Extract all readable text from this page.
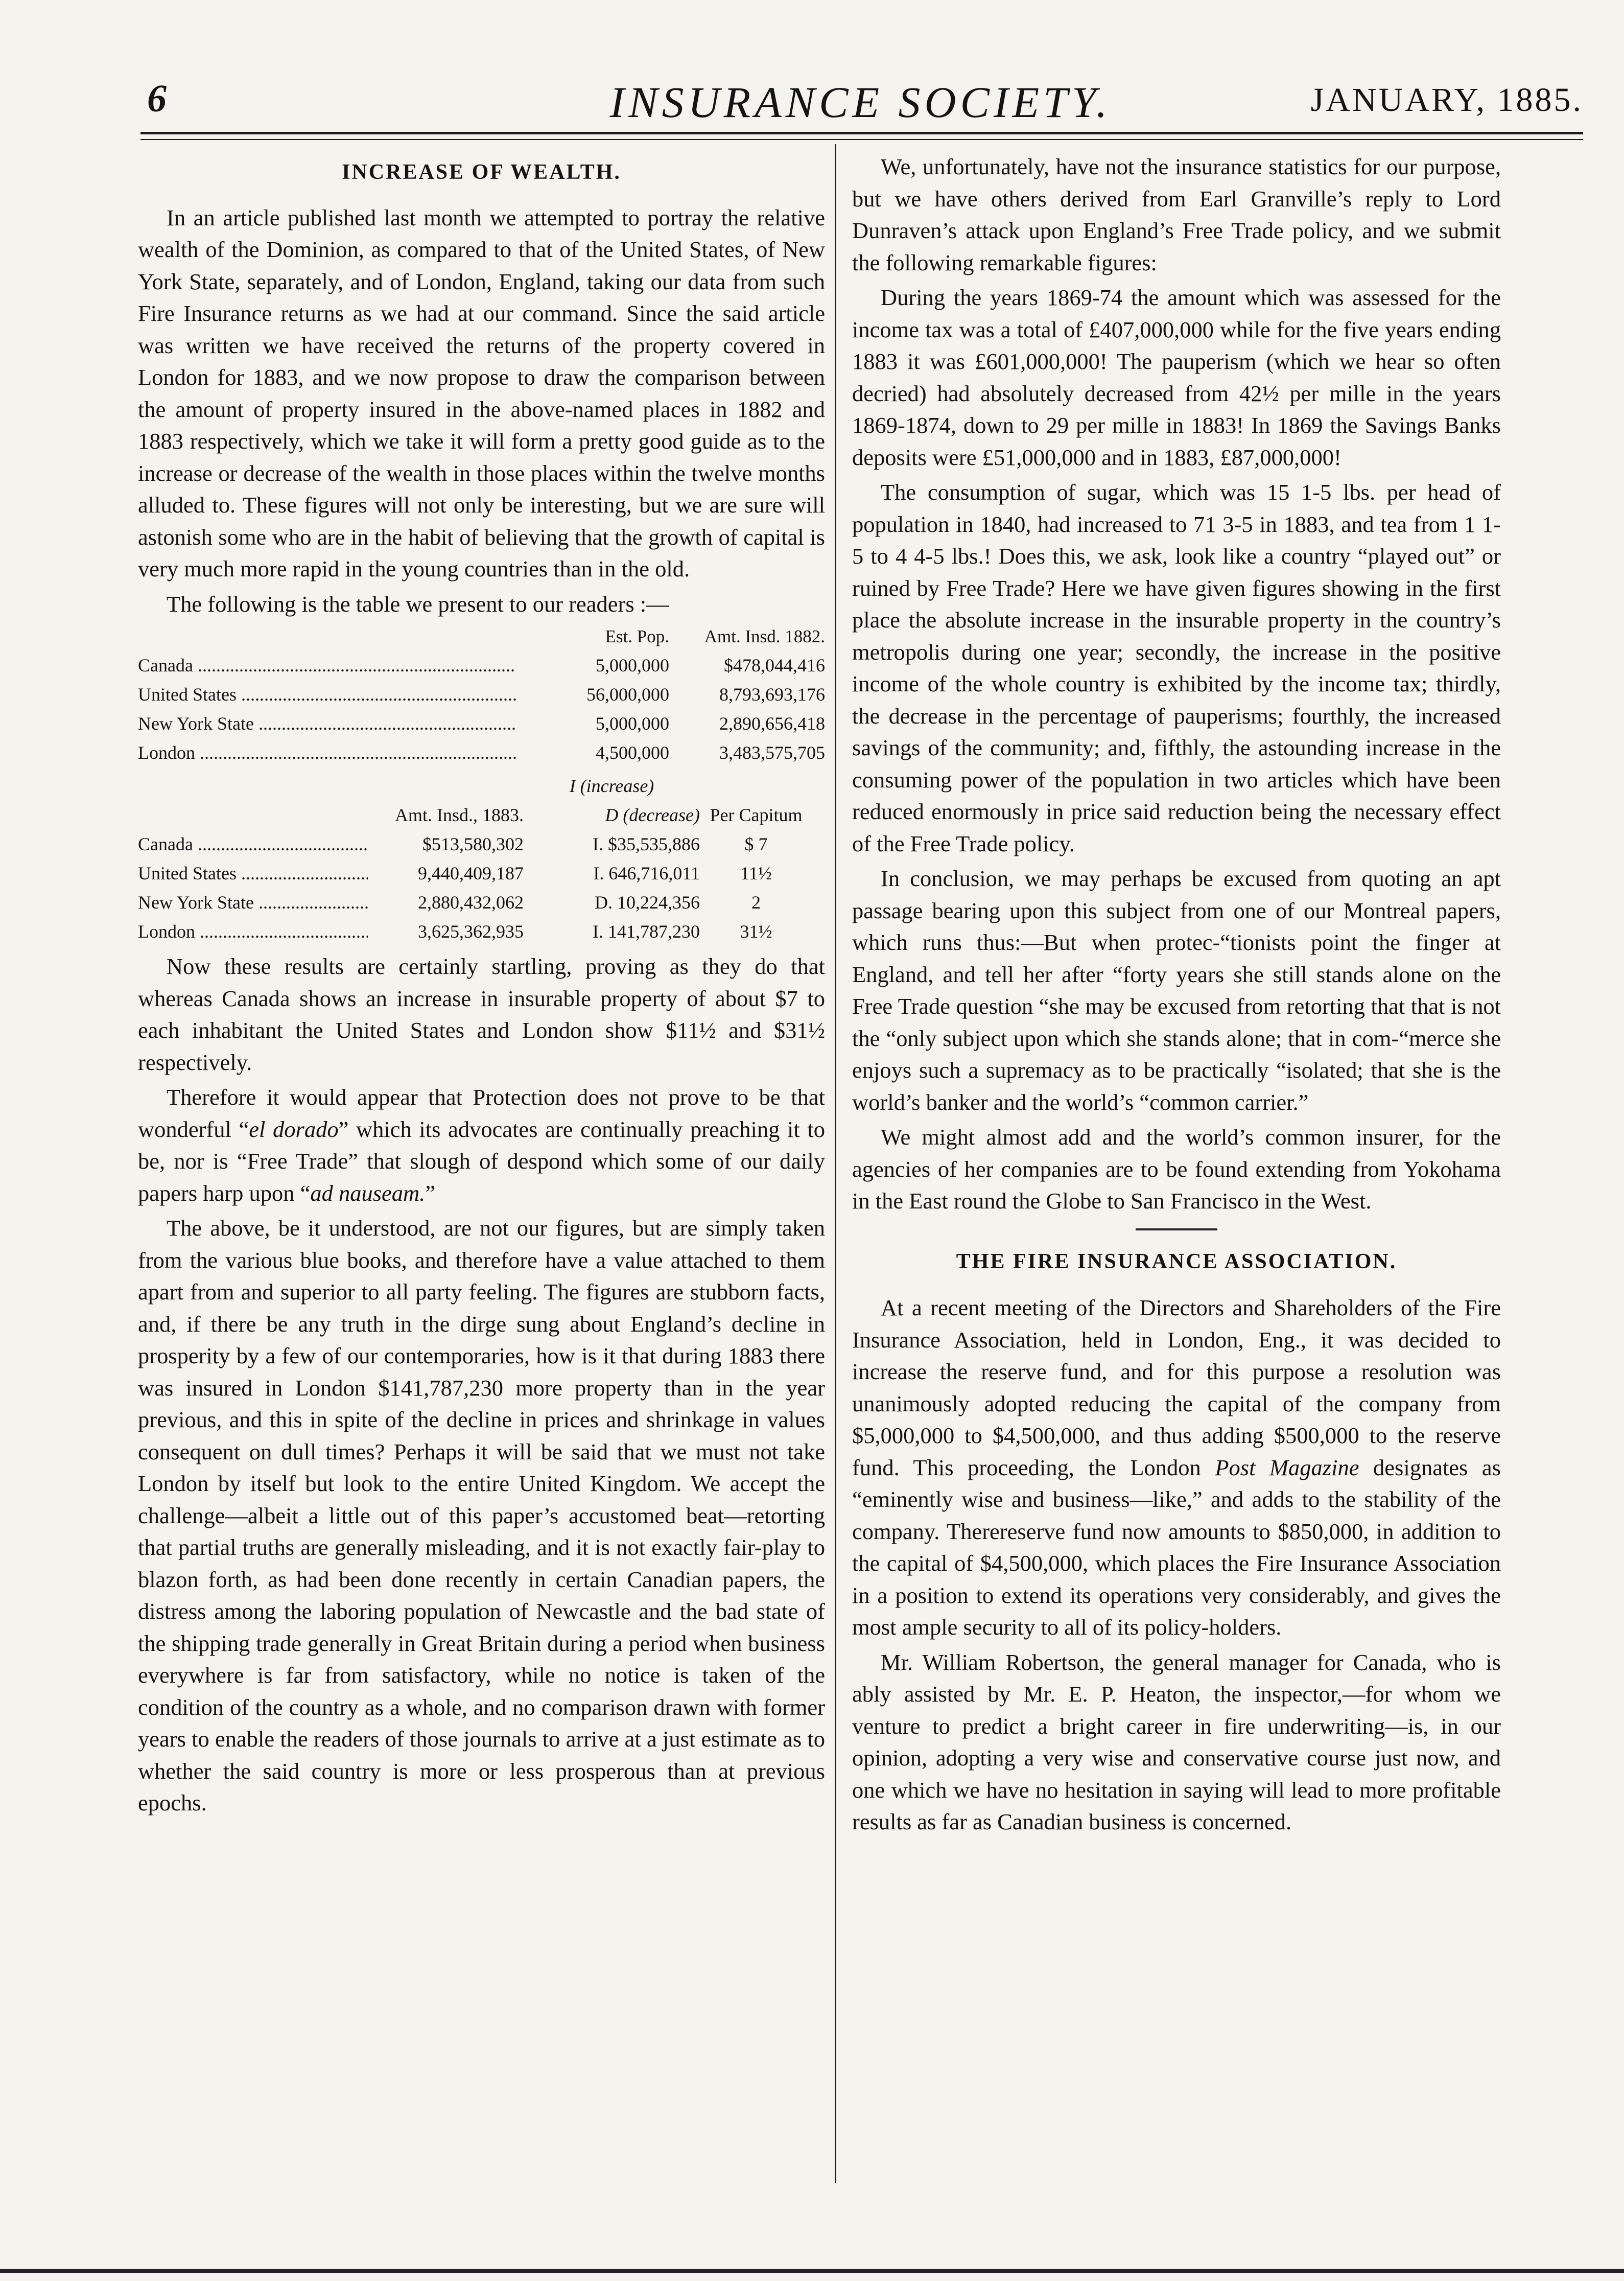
6	INSURANCE SOCIETY.	JANUARY, 1885.
INCREASE OF WEALTH.

In an article published last month we attempted to portray the relative wealth of the Dominion, as compared to that of the United States, of New York State, separately, and of London, England, taking our data from such Fire Insurance returns as we had at our command. Since the said article was written we have received the returns of the property covered in London for 1883, and we now propose to draw the comparison between the amount of property insured in the above-named places in 1882 and 1883 respectively, which we take it will form a pretty good guide as to the increase or decrease of the wealth in those places within the twelve months alluded to. These figures will not only be interesting, but we are sure will astonish some who are in the habit of believing that the growth of capital is very much more rapid in the young countries than in the old.

The following is the table we present to our readers :—

Est. Pop.	Amt. Insd. 1882.
Canada .....	5,000,000	$478,044,416
United States .....	56,000,000	8,793,693,176
New York State .....	5,000,000	2,890,656,418
London .....	4,500,000	3,483,575,705
I (increase)
Amt. Insd., 1883.	D (decrease) Per Capitum
Canada .....	$513,580,302	I. $35,535,886	$ 7
United States .....	9,440,409,187	I. 646,716,011	11½
New York State .....	2,880,432,062	D. 10,224,356	2
London .....	3,625,362,935	I. 141,787,230	31½

Now these results are certainly startling, proving as they do that whereas Canada shows an increase in insurable property of about $7 to each inhabitant the United States and London show $11½ and $31½ respectively.

Therefore it would appear that Protection does not prove to be that wonderful “el dorado” which its advocates are continually preaching it to be, nor is “Free Trade” that slough of despond which some of our daily papers harp upon “ad nauseam.”

The above, be it understood, are not our figures, but are simply taken from the various blue books, and therefore have a value attached to them apart from and superior to all party feeling. The figures are stubborn facts, and, if there be any truth in the dirge sung about England’s decline in prosperity by a few of our contemporaries, how is it that during 1883 there was insured in London $141,787,230 more property than in the year previous, and this in spite of the decline in prices and shrinkage in values consequent on dull times? Perhaps it will be said that we must not take London by itself but look to the entire United Kingdom. We accept the challenge—albeit a little out of this paper’s accustomed beat—retorting that partial truths are generally misleading, and it is not exactly fair-play to blazon forth, as had been done recently in certain Canadian papers, the distress among the laboring population of Newcastle and the bad state of the shipping trade generally in Great Britain during a period when business everywhere is far from satisfactory, while no notice is taken of the condition of the country as a whole, and no comparison drawn with former years to enable the readers of those journals to arrive at a just estimate as to whether the said country is more or less prosperous than at previous epochs.

We, unfortunately, have not the insurance statistics for our purpose, but we have others derived from Earl Granville’s reply to Lord Dunraven’s attack upon England’s Free Trade policy, and we submit the following remarkable figures:

During the years 1869-74 the amount which was assessed for the income tax was a total of £407,000,000 while for the five years ending 1883 it was £601,000,000! The pauperism (which we hear so often decried) had absolutely decreased from 42½ per mille in the years 1869-1874, down to 29 per mille in 1883! In 1869 the Savings Banks deposits were £51,000,000 and in 1883, £87,000,000!

The consumption of sugar, which was 15 1-5 lbs. per head of population in 1840, had increased to 71 3-5 in 1883, and tea from 1 1-5 to 4 4-5 lbs.! Does this, we ask, look like a country “played out” or ruined by Free Trade? Here we have given figures showing in the first place the absolute increase in the insurable property in the country’s metropolis during one year; secondly, the increase in the positive income of the whole country is exhibited by the income tax; thirdly, the decrease in the percentage of pauperisms; fourthly, the increased savings of the community; and, fifthly, the astounding increase in the consuming power of the population in two articles which have been reduced enormously in price said reduction being the necessary effect of the Free Trade policy.

In conclusion, we may perhaps be excused from quoting an apt passage bearing upon this subject from one of our Montreal papers, which runs thus:—But when protec-“tionists point the finger at England, and tell her after “forty years she still stands alone on the Free Trade question “she may be excused from retorting that that is not the “only subject upon which she stands alone; that in com-“merce she enjoys such a supremacy as to be practically “isolated; that she is the world’s banker and the world’s “common carrier.”

We might almost add and the world’s common insurer, for the agencies of her companies are to be found extending from Yokohama in the East round the Globe to San Francisco in the West.

THE FIRE INSURANCE ASSOCIATION.

At a recent meeting of the Directors and Shareholders of the Fire Insurance Association, held in London, Eng., it was decided to increase the reserve fund, and for this purpose a resolution was unanimously adopted reducing the capital of the company from $5,000,000 to $4,500,000, and thus adding $500,000 to the reserve fund. This proceeding, the London Post Magazine designates as “eminently wise and business—like,” and adds to the stability of the company. Therereserve fund now amounts to $850,000, in addition to the capital of $4,500,000, which places the Fire Insurance Association in a position to extend its operations very considerably, and gives the most ample security to all of its policy-holders.

Mr. William Robertson, the general manager for Canada, who is ably assisted by Mr. E. P. Heaton, the inspector,—for whom we venture to predict a bright career in fire underwriting—is, in our opinion, adopting a very wise and conservative course just now, and one which we have no hesitation in saying will lead to more profitable results as far as Canadian business is concerned.
